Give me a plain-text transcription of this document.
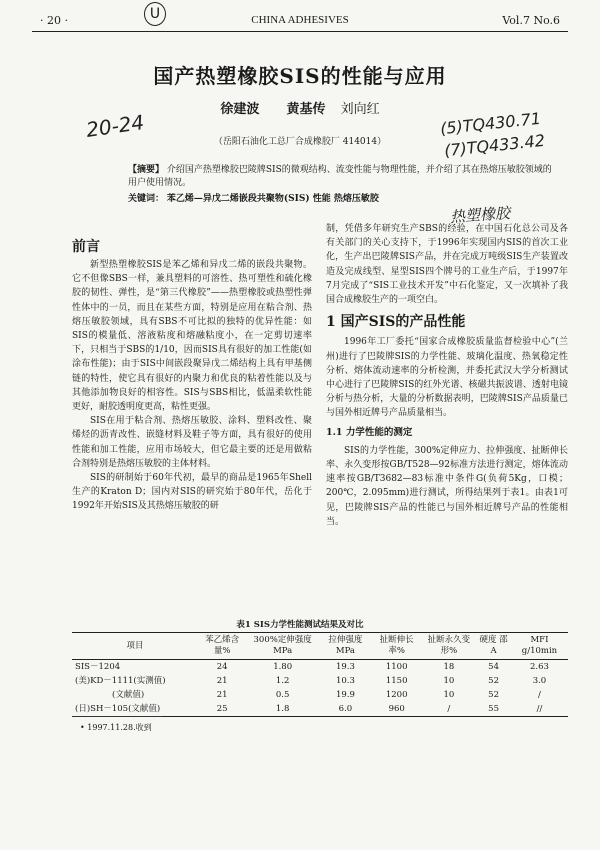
· 20 ·	U	CHINA ADHESIVES	Vol.7 No.6
国产热塑橡胶SIS的性能与应用
徐建波 黄基传 刘向红
（岳阳石油化工总厂合成橡胶厂 414014）
20-24	(5)TQ430.71
(7)TQ433.42
【摘要】 介绍国产热塑橡胶巴陵牌SIS的微观结构、流变性能与物理性能，并介绍了其在热熔压敏胶领域的用户使用情况。
关键词： 苯乙烯—异戊二烯嵌段共聚物(SIS) 性能 热熔压敏胶
热塑橡胶
前言

新型热塑橡胶SIS是苯乙烯和异戊二烯的嵌段共聚物。它不但像SBS一样，兼具塑料的可溶性、热可塑性和硫化橡胶的韧性、弹性，是“第三代橡胶”——热塑橡胶或热塑性弹性体中的一员，而且在某些方面，特别是应用在粘合剂、热熔压敏胶领域，具有SBS不可比拟的独特的优异性能：如SIS的模量低、溶液粘度和熔融粘度小，在一定剪切速率下，只相当于SBS的1/10，因而SIS具有很好的加工性能(如涂布性能)；由于SIS中间嵌段聚异戊二烯结构上具有甲基侧链的特性，使它具有很好的内聚力和优良的粘着性能以及与其他添加物良好的相容性。SIS与SBS相比，低温柔软性能更好，耐胶透明度更高，粘性更强。

SIS在用于粘合剂、热熔压敏胶、涂料、塑料改性、聚烯烃的沥青改性、嵌缝材料及鞋子等方面，具有很好的使用性能和加工性能，应用市场较大，但它最主要的还是用做粘合剂特别是热熔压敏胶的主体材料。

SIS的研制始于60年代初，最早的商品是1965年Shell生产的Kraton D；国内对SIS的研究始于80年代，岳化于1992年开始SIS及其热熔压敏胶的研

制，凭借多年研究生产SBS的经验，在中国石化总公司及各有关部门的关心支持下，于1996年实现国内SIS的首次工业化，生产出巴陵牌SIS产品，并在完成万吨级SIS生产装置改造及完成线型、星型SIS四个牌号的工业生产后，于1997年7月完成了“SIS工业技术开发”中石化鉴定，又一次填补了我国合成橡胶生产的一项空白。

1 国产SIS的产品性能

1996年工厂委托“国家合成橡胶质量监督检验中心”(兰州)进行了巴陵牌SIS的力学性能、玻璃化温度、热氧稳定性分析、熔体流动速率的分析检测，并委托武汉大学分析测试中心进行了巴陵牌SIS的红外光谱、核磁共振波谱、透射电镜分析与热分析，大量的分析数据表明，巴陵牌SIS产品质量已与国外相近牌号产品质量相当。

1.1 力学性能的测定

SIS的力学性能，300%定伸应力、拉伸强度、扯断伸长率、永久变形按GB/T528—92标准方法进行测定，熔体流动速率按GB/T3682—83标准中条件G(负荷5Kg，口模；200℃，2.095mm)进行测试，所得结果列于表1。由表1可见，巴陵牌SIS产品的性能已与国外相近牌号产品的性能相当。

表1 SIS力学性能测试结果及对比
项目	苯乙烯含量%	300%定伸强度 MPa	拉伸强度 MPa	扯断伸长率%	扯断永久变形%	硬度 邵A	MFI g/10min
SIS－1204	24	1.80	19.3	1100	18	54	2.63
(美)KD－1111(实测值)	21	1.2	10.3	1150	10	52	3.0
(文献值)	21	0.5	19.9	1200	10	52	/
(日)SH－105(文献值)	25	1.8	6.0	960	/	55	//
• 1997.11.28.收到
